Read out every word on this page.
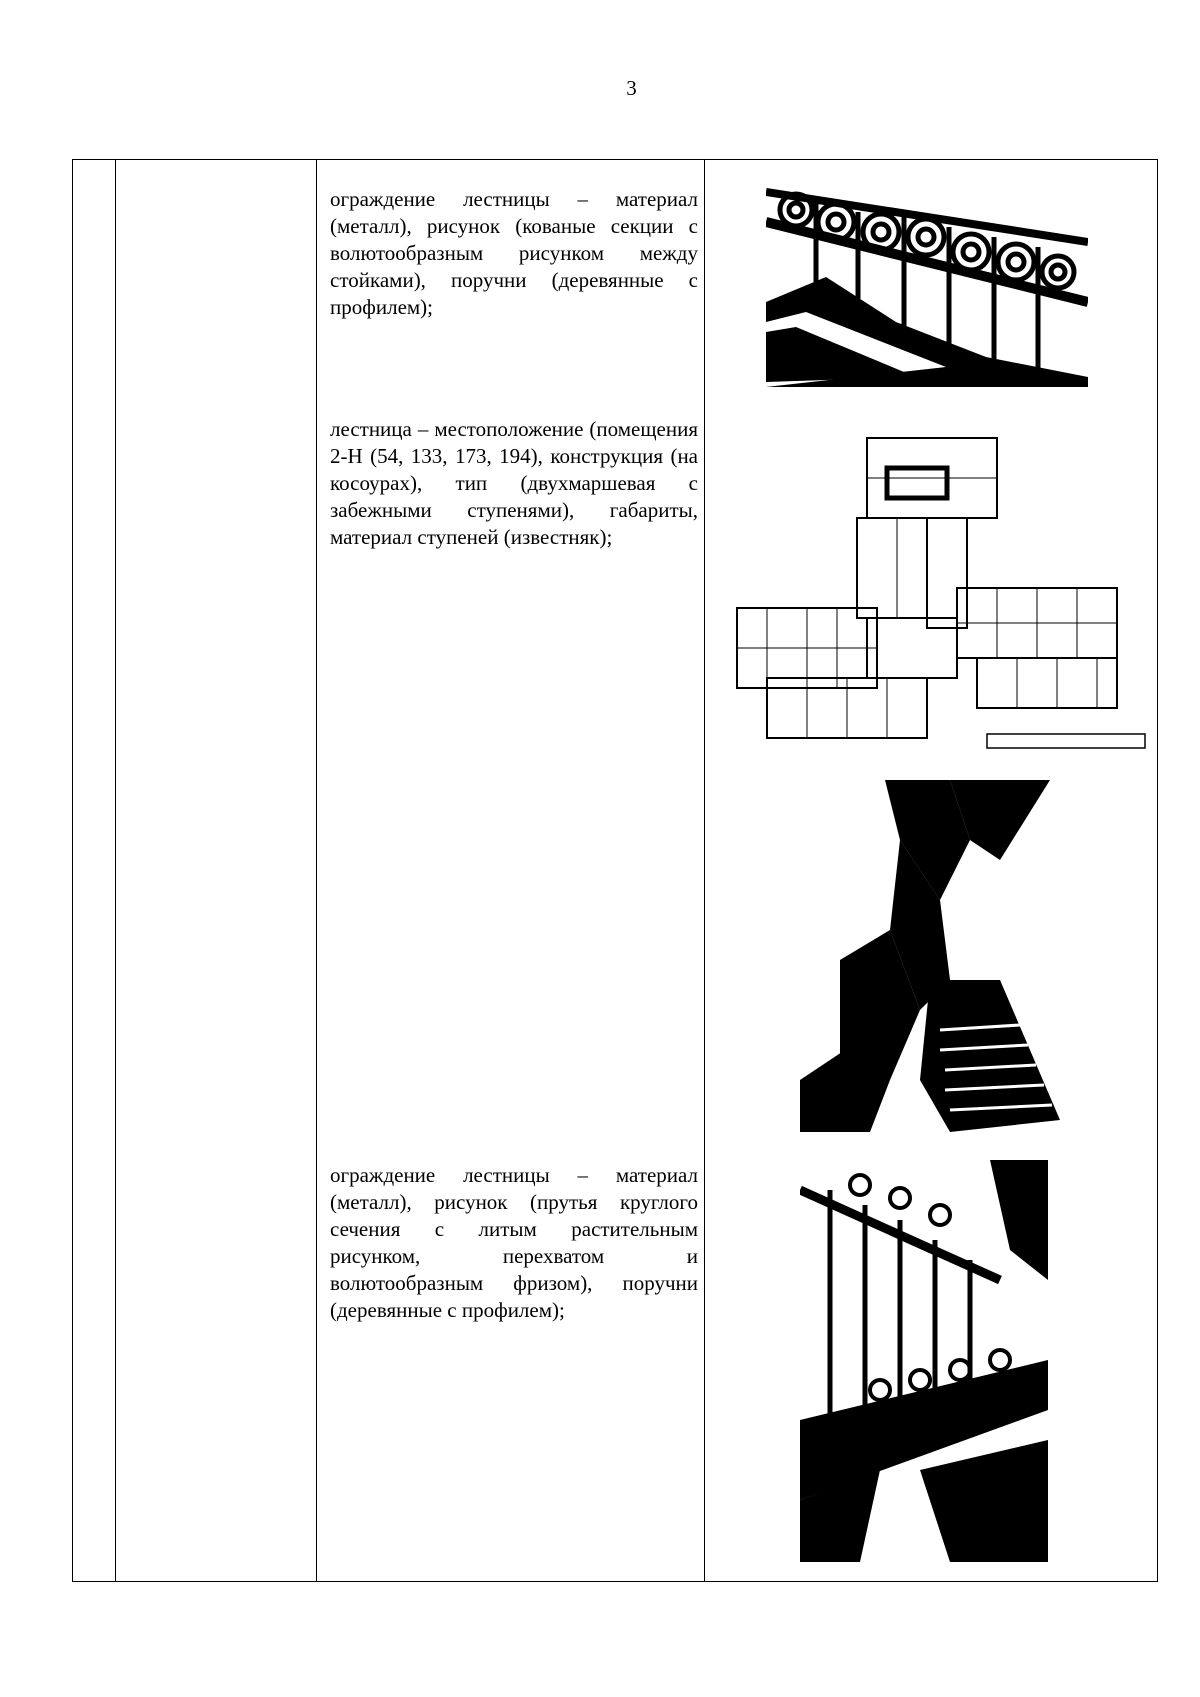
3
ограждение лестницы – материал (металл), рисунок (кованые секции с волютообразным рисунком между стойками), поручни (деревянные с профилем);
лестница – местоположение (помещения 2-Н (54, 133, 173, 194), конструкция (на косоурах), тип (двухмаршевая с забежными ступенями), габариты, материал ступеней (известняк);
ограждение лестницы – материал (металл), рисунок (прутья круглого сечения с литым растительным рисунком, перехватом и волютообразным фризом), поручни (деревянные с профилем);
